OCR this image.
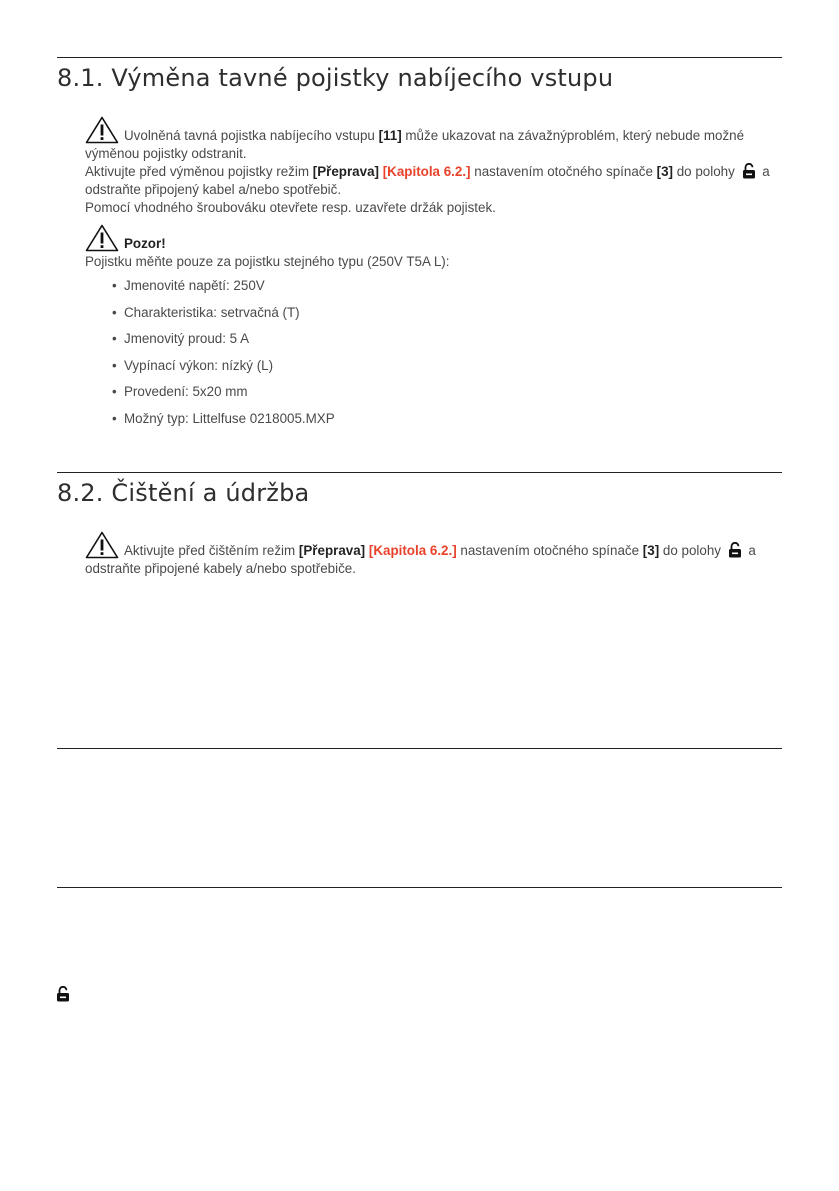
8.1. Výměna tavné pojistky nabíjecího vstupu

Uvolněná tavná pojistka nabíjecího vstupu [11] může ukazovat na závažnýproblém, který nebude možné výměnou pojistky odstranit.

Aktivujte před výměnou pojistky režim [Přeprava] [Kapitola 6.2.] nastavením otočného spínače [3] do polohy  a odstraňte připojený kabel a/nebo spotřebič.

Pomocí vhodného šroubováku otevřete resp. uzavřete držák pojistek.

Pozor!

Pojistku měňte pouze za pojistku stejného typu (250V T5A L):

• Jmenovité napětí: 250V
• Charakteristika: setrvačná (T)
• Jmenovitý proud: 5 A
• Vypínací výkon: nízký (L)
• Provedení: 5x20 mm
• Možný typ: Littelfuse 0218005.MXP
8.2. Čištění a údržba

Aktivujte před čištěním režim [Přeprava] [Kapitola 6.2.] nastavením otočného spínače [3] do polohy  a odstraňte připojené kabely a/nebo spotřebiče.
